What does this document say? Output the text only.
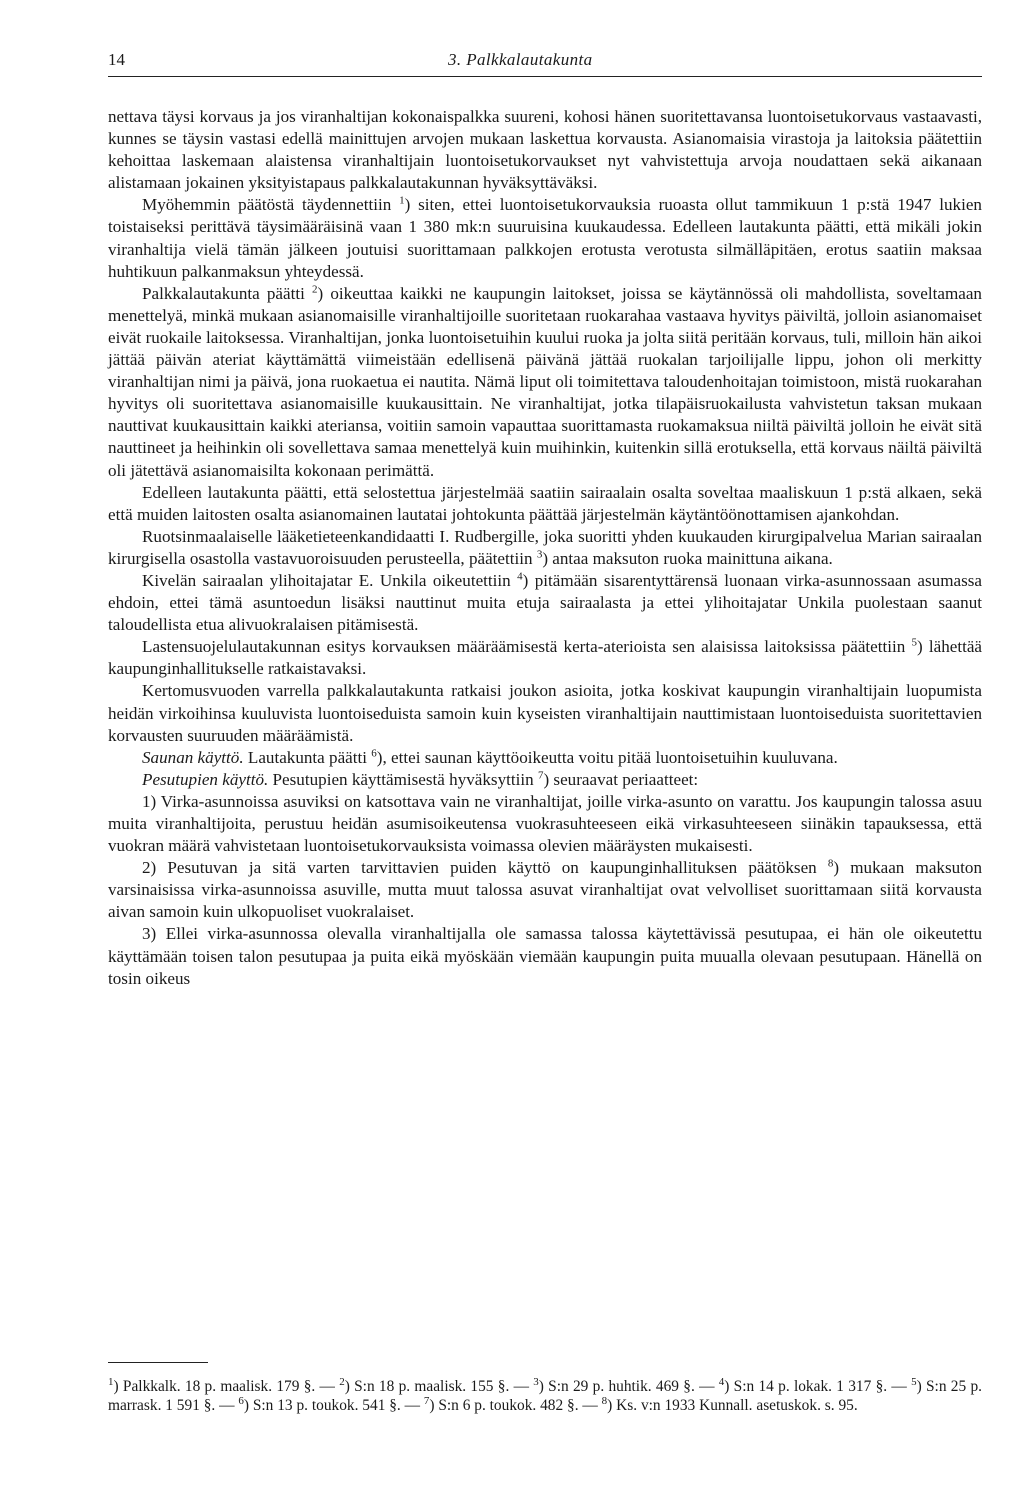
14	3. Palkkalautakunta

nettava täysi korvaus ja jos viranhaltijan kokonaispalkka suureni, kohosi hänen suoritettavansa luontoisetukorvaus vastaavasti, kunnes se täysin vastasi edellä mainittujen arvojen mukaan laskettua korvausta. Asianomaisia virastoja ja laitoksia päätettiin kehoittaa laskemaan alaistensa viranhaltijain luontoisetukorvaukset nyt vahvistettuja arvoja noudattaen sekä aikanaan alistamaan jokainen yksityistapaus palkkalautakunnan hyväksyttäväksi.

Myöhemmin päätöstä täydennettiin $^1$) siten, ettei luontoisetukorvauksia ruoasta ollut tammikuun 1 p:stä 1947 lukien toistaiseksi perittävä täysimääräisinä vaan 1 380 mk:n suuruisina kuukaudessa. Edelleen lautakunta päätti, että mikäli jokin viranhaltija vielä tämän jälkeen joutuisi suorittamaan palkkojen erotusta verotusta silmälläpitäen, erotus saatiin maksaa huhtikuun palkanmaksun yhteydessä.

Palkkalautakunta päätti $^2$) oikeuttaa kaikki ne kaupungin laitokset, joissa se käytännössä oli mahdollista, soveltamaan menettelyä, minkä mukaan asianomaisille viranhaltijoille suoritetaan ruokarahaa vastaava hyvitys päiviltä, jolloin asianomaiset eivät ruokaile laitoksessa. Viranhaltijan, jonka luontoisetuihin kuului ruoka ja jolta siitä peritään korvaus, tuli, milloin hän aikoi jättää päivän ateriat käyttämättä viimeistään edellisenä päivänä jättää ruokalan tarjoilijalle lippu, johon oli merkitty viranhaltijan nimi ja päivä, jona ruokaetua ei nautita. Nämä liput oli toimitettava taloudenhoitajan toimistoon, mistä ruokarahan hyvitys oli suoritettava asianomaisille kuukausittain. Ne viranhaltijat, jotka tilapäisruokailusta vahvistetun taksan mukaan nauttivat kuukausittain kaikki ateriansa, voitiin samoin vapauttaa suorittamasta ruokamaksua niiltä päiviltä jolloin he eivät sitä nauttineet ja heihinkin oli sovellettava samaa menettelyä kuin muihinkin, kuitenkin sillä erotuksella, että korvaus näiltä päiviltä oli jätettävä asianomaisilta kokonaan perimättä.

Edelleen lautakunta päätti, että selostettua järjestelmää saatiin sairaalain osalta soveltaa maaliskuun 1 p:stä alkaen, sekä että muiden laitosten osalta asianomainen lautatai johtokunta päättää järjestelmän käytäntöönottamisen ajankohdan.

Ruotsinmaalaiselle lääketieteenkandidaatti I. Rudbergille, joka suoritti yhden kuukauden kirurgipalvelua Marian sairaalan kirurgisella osastolla vastavuoroisuuden perusteella, päätettiin $^3$) antaa maksuton ruoka mainittuna aikana.

Kivelän sairaalan ylihoitajatar E. Unkila oikeutettiin $^4$) pitämään sisarentyttärensä luonaan virka-asunnossaan asumassa ehdoin, ettei tämä asuntoedun lisäksi nauttinut muita etuja sairaalasta ja ettei ylihoitajatar Unkila puolestaan saanut taloudellista etua alivuokralaisen pitämisestä.

Lastensuojelulautakunnan esitys korvauksen määräämisestä kerta-aterioista sen alaisissa laitoksissa päätettiin $^5$) lähettää kaupunginhallitukselle ratkaistavaksi.

Kertomusvuoden varrella palkkalautakunta ratkaisi joukon asioita, jotka koskivat kaupungin viranhaltijain luopumista heidän virkoihinsa kuuluvista luontoiseduista samoin kuin kyseisten viranhaltijain nauttimistaan luontoiseduista suoritettavien korvausten suuruuden määräämistä.

Saunan käyttö. Lautakunta päätti $^6$), ettei saunan käyttöoikeutta voitu pitää luontoisetuihin kuuluvana.

Pesutupien käyttö. Pesutupien käyttämisestä hyväksyttiin $^7$) seuraavat periaatteet:

1) Virka-asunnoissa asuviksi on katsottava vain ne viranhaltijat, joille virka-asunto on varattu. Jos kaupungin talossa asuu muita viranhaltijoita, perustuu heidän asumisoikeutensa vuokrasuhteeseen eikä virkasuhteeseen siinäkin tapauksessa, että vuokran määrä vahvistetaan luontoisetukorvauksista voimassa olevien määräysten mukaisesti.

2) Pesutuvan ja sitä varten tarvittavien puiden käyttö on kaupunginhallituksen päätöksen $^8$) mukaan maksuton varsinaisissa virka-asunnoissa asuville, mutta muut talossa asuvat viranhaltijat ovat velvolliset suorittamaan siitä korvausta aivan samoin kuin ulkopuoliset vuokralaiset.

3) Ellei virka-asunnossa olevalla viranhaltijalla ole samassa talossa käytettävissä pesutupaa, ei hän ole oikeutettu käyttämään toisen talon pesutupaa ja puita eikä myöskään viemään kaupungin puita muualla olevaan pesutupaan. Hänellä on tosin oikeus

$^1$) Palkkalk. 18 p. maalisk. 179 §. — $^2$) S:n 18 p. maalisk. 155 §. — $^3$) S:n 29 p. huhtik. 469 §. — $^4$) S:n 14 p. lokak. 1 317 §. — $^5$) S:n 25 p. marrask. 1 591 §. — $^6$) S:n 13 p. toukok. 541 §. — $^7$) S:n 6 p. toukok. 482 §. — $^8$) Ks. v:n 1933 Kunnall. asetuskok. s. 95.
